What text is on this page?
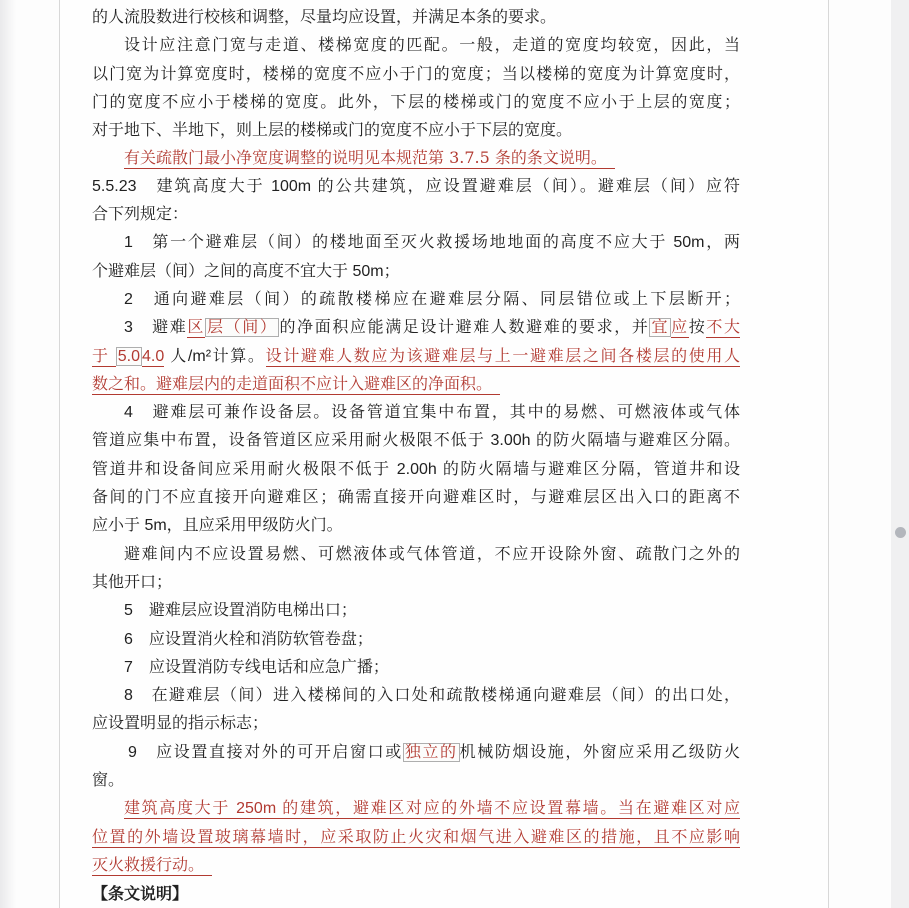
的人流股数进行校核和调整，尽量均应设置，并满足本条的要求。
设计应注意门宽与走道、楼梯宽度的匹配。一般，走道的宽度均较宽，因此，当
以门宽为计算宽度时，楼梯的宽度不应小于门的宽度；当以楼梯的宽度为计算宽度时，
门的宽度不应小于楼梯的宽度。此外，下层的楼梯或门的宽度不应小于上层的宽度；
对于地下、半地下，则上层的楼梯或门的宽度不应小于下层的宽度。
有关疏散门最小净宽度调整的说明见本规范第 3.7.5 条的条文说明。　
5.5.23　建筑高度大于 100m 的公共建筑，应设置避难层（间）。避难层（间）应符
合下列规定：
1　第一个避难层（间）的楼地面至灭火救援场地地面的高度不应大于 50m，两
个避难层（间）之间的高度不宜大于 50m；
2　通向避难层（间）的疏散楼梯应在避难层分隔、同层错位或上下层断开；
3　避难区 层（间） 的净面积应能满足设计避难人数避难的要求，并 宜 应按不大
于 5.0 4.0 人/m²计算。设计避难人数应为该避难层与上一避难层之间各楼层的使用人
数之和。避难层内的走道面积不应计入避难区的净面积。　
4　避难层可兼作设备层。设备管道宜集中布置，其中的易燃、可燃液体或气体
管道应集中布置，设备管道区应采用耐火极限不低于 3.00h 的防火隔墙与避难区分隔。
管道井和设备间应采用耐火极限不低于 2.00h 的防火隔墙与避难区分隔，管道井和设
备间的门不应直接开向避难区；确需直接开向避难区时，与避难层区出入口的距离不
应小于 5m，且应采用甲级防火门。
避难间内不应设置易燃、可燃液体或气体管道，不应开设除外窗、疏散门之外的
其他开口；
5　避难层应设置消防电梯出口；
6　应设置消火栓和消防软管卷盘；
7　应设置消防专线电话和应急广播；
8　在避难层（间）进入楼梯间的入口处和疏散楼梯通向避难层（间）的出口处，
应设置明显的指示标志；
9　应设置直接对外的可开启窗口或 独立的 机械防烟设施，外窗应采用乙级防火
窗。
建筑高度大于 250m 的建筑，避难区对应的外墙不应设置幕墙。当在避难区对应
位置的外墙设置玻璃幕墙时，应采取防止火灾和烟气进入避难区的措施，且不应影响
灭火救援行动。　
【条文说明】
